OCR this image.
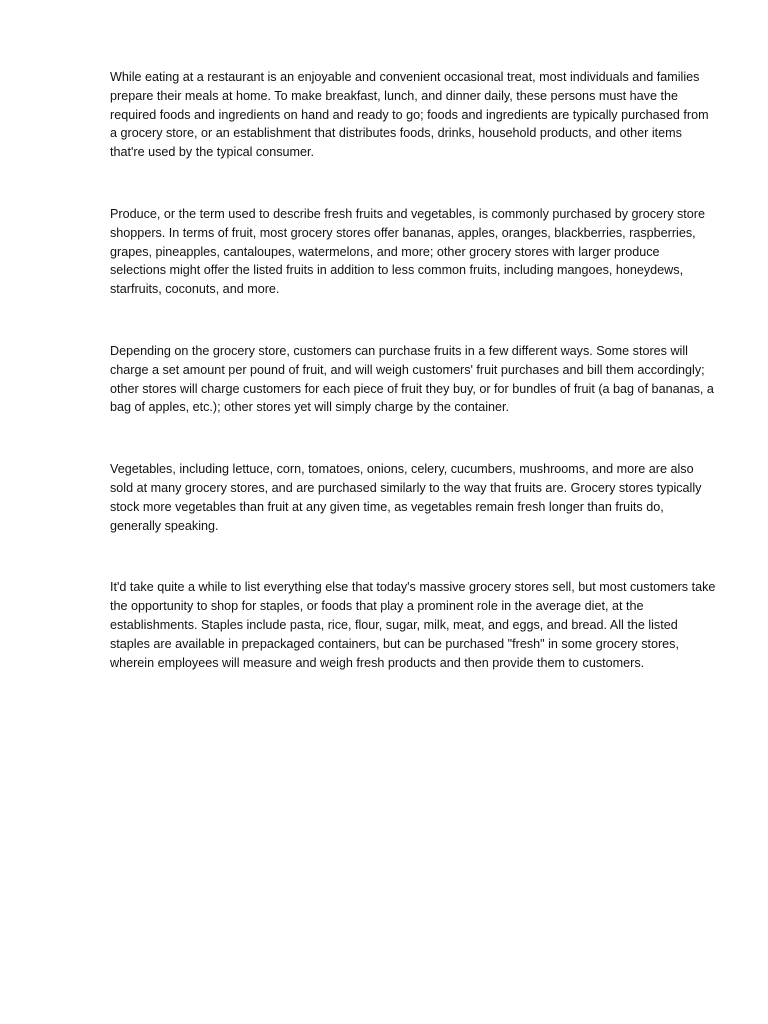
While eating at a restaurant is an enjoyable and convenient occasional treat, most individuals and families prepare their meals at home. To make breakfast, lunch, and dinner daily, these persons must have the required foods and ingredients on hand and ready to go; foods and ingredients are typically purchased from a grocery store, or an establishment that distributes foods, drinks, household products, and other items that're used by the typical consumer.

Produce, or the term used to describe fresh fruits and vegetables, is commonly purchased by grocery store shoppers. In terms of fruit, most grocery stores offer bananas, apples, oranges, blackberries, raspberries, grapes, pineapples, cantaloupes, watermelons, and more; other grocery stores with larger produce selections might offer the listed fruits in addition to less common fruits, including mangoes, honeydews, starfruits, coconuts, and more.

Depending on the grocery store, customers can purchase fruits in a few different ways. Some stores will charge a set amount per pound of fruit, and will weigh customers' fruit purchases and bill them accordingly; other stores will charge customers for each piece of fruit they buy, or for bundles of fruit (a bag of bananas, a bag of apples, etc.); other stores yet will simply charge by the container.

Vegetables, including lettuce, corn, tomatoes, onions, celery, cucumbers, mushrooms, and more are also sold at many grocery stores, and are purchased similarly to the way that fruits are. Grocery stores typically stock more vegetables than fruit at any given time, as vegetables remain fresh longer than fruits do, generally speaking.

It'd take quite a while to list everything else that today's massive grocery stores sell, but most customers take the opportunity to shop for staples, or foods that play a prominent role in the average diet, at the establishments. Staples include pasta, rice, flour, sugar, milk, meat, and eggs, and bread. All the listed staples are available in prepackaged containers, but can be purchased "fresh" in some grocery stores, wherein employees will measure and weigh fresh products and then provide them to customers.
